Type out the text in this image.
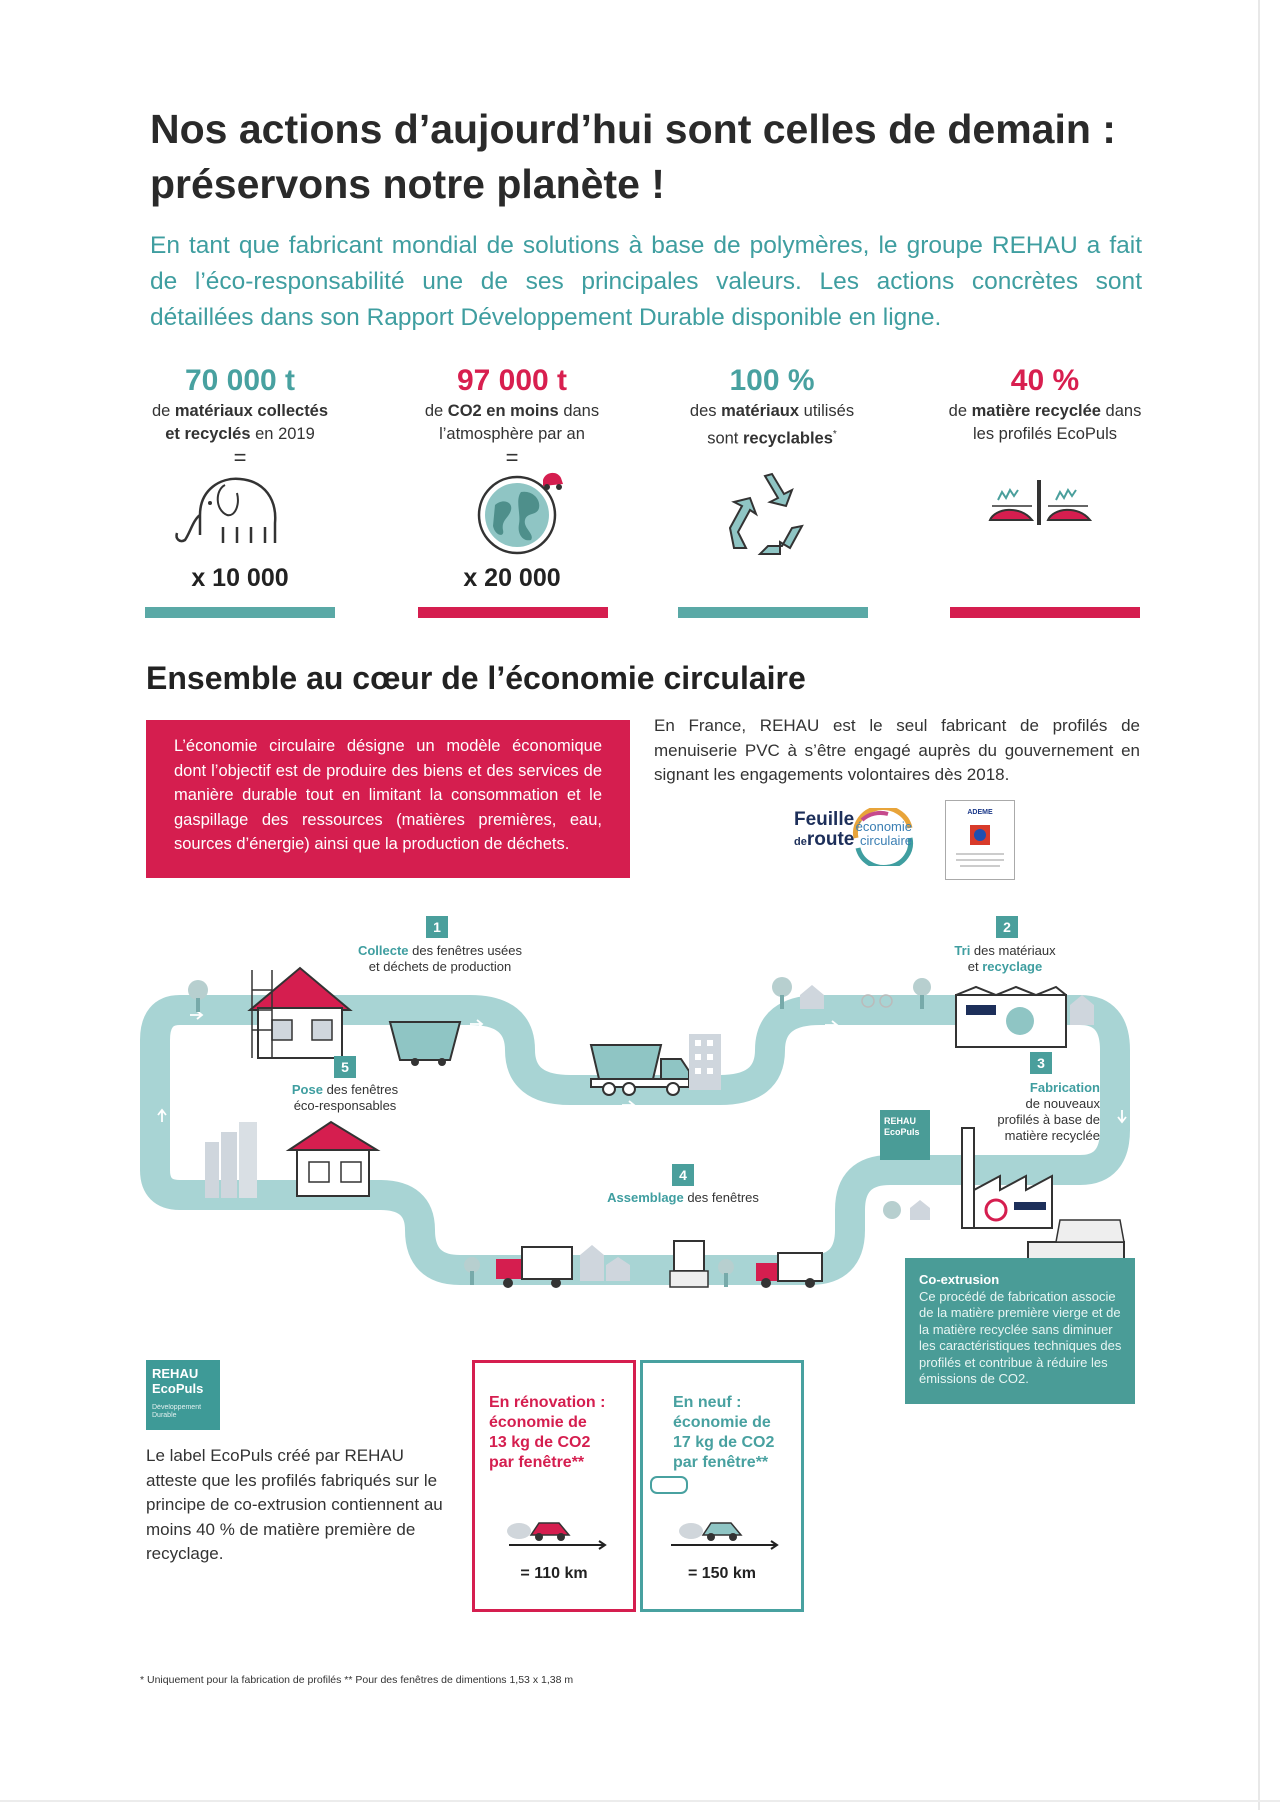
Nos actions d’aujourd’hui sont celles de demain :
préservons notre planète !
En tant que fabricant mondial de solutions à base de polymères, le groupe REHAU a fait de l’éco-responsabilité une de ses principales valeurs. Les actions concrètes sont détaillées dans son Rapport Développement Durable disponible en ligne.
70 000 t
de matériaux collectés
et recyclés en 2019
=
97 000 t
de CO2 en moins dans
l’atmosphère par an
=
100 %
des matériaux utilisés
sont recyclables*
40 %
de matière recyclée dans
les profilés EcoPuls
x 10 000	x 20 000
Ensemble au cœur de l’économie circulaire
L’économie circulaire désigne un modèle économique dont l’objectif est de produire des biens et des services de manière durable tout en limitant la consommation et le gaspillage des ressources (matières premières, eau, sources d’énergie) ainsi que la production de déchets.
En France, REHAU est le seul fabricant de profilés de menuiserie PVC à s’être engagé auprès du gouvernement en signant les engagements volontaires dès 2018.
Feuille
deroute
économie
circulaire
ADEME
REHAU
EcoPuls
1
Collecte des fenêtres usées
et déchets de production
2
Tri des matériaux
et recyclage
3
Fabrication
de nouveaux
profilés à base de
matière recyclée
4
Assemblage des fenêtres
5
Pose des fenêtres
éco-responsables
Co-extrusion
Ce procédé de fabrication associe de la matière première vierge et de la matière recyclée sans diminuer les caractéristiques techniques des profilés et contribue à réduire les émissions de CO2.
REHAU
EcoPuls
Développement Durable
Le label EcoPuls créé par REHAU atteste que les profilés fabriqués sur le principe de co-extrusion contiennent au moins 40 % de matière première de recyclage.
En rénovation :
économie de
13 kg de CO2
par fenêtre**
= 110 km
En neuf :
économie de
17 kg de CO2
par fenêtre**
= 150 km
* Uniquement pour la fabrication de profilés ** Pour des fenêtres de dimentions 1,53 x 1,38 m
